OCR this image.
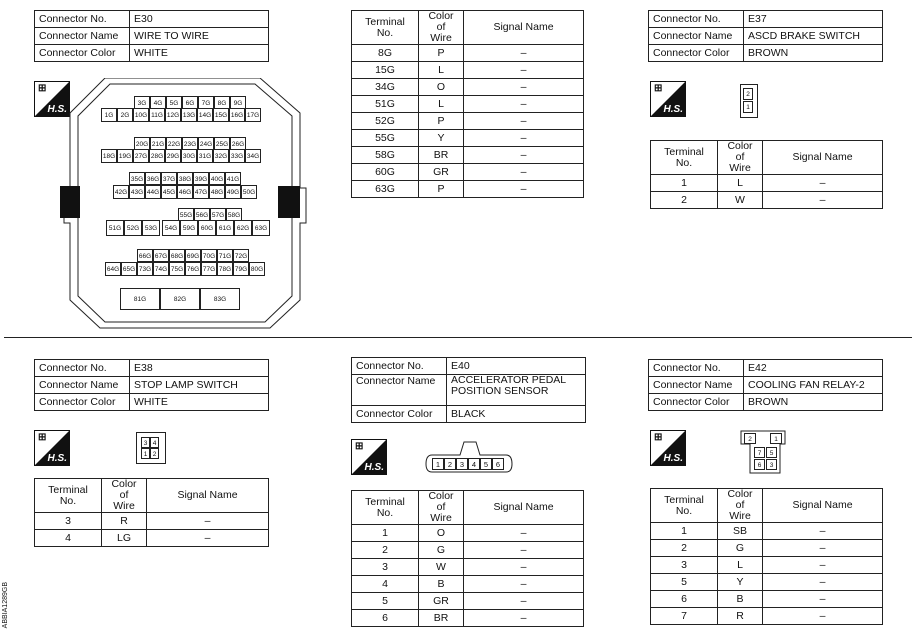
Connector No.	E30
Connector Name	WIRE TO WIRE
Connector Color	WHITE
⊞
H.S.
3G	4G	5G	6G	7G	8G	9G
1G	2G 10G 11G 12G 13G 14G 15G 16G 17G
20G 21G 22G 23G 24G 25G 26G
18G 19G 27G 28G 29G 30G 31G 32G 33G 34G
35G 36G 37G 38G 39G 40G 41G
42G 43G 44G 45G 46G 47G 48G 49G 50G
55G 56G 57G 58G
51G 52G 53G	54G 59G 60G 61G 62G 63G
66G 67G 68G 69G 70G 71G 72G
64G 65G 73G 74G 75G 76G 77G 78G 79G 80G
81G	82G	83G
Terminal No.	Color of
Wire	Signal Name
8G	P	–
15G	L	–
34G	O	–
51G	L	–
52G	P	–
55G	Y	–
58G	BR	–
60G	GR	–
63G	P	–
Connector No.	E37
Connector Name	ASCD BRAKE SWITCH
Connector Color	BROWN
⊞
H.S.
2
1
Terminal No.	Color of
Wire	Signal Name
1	L	–
2	W	–
Connector No.	E38
Connector Name	STOP LAMP SWITCH
Connector Color	WHITE
⊞
H.S.
3 4
1 2
Terminal No.	Color of
Wire	Signal Name
3	R	–
4	LG	–
Connector No.	E40
Connector Name	ACCELERATOR PEDAL POSITION SENSOR
Connector Color	BLACK
⊞
H.S.	1	2	3	4	5	6
Terminal No.	Color of
Wire	Signal Name
1	O	–
2	G	–
3	W	–
4	B	–
5	GR	–
6	BR	–
Connector No.	E42
Connector Name	COOLING FAN RELAY-2
Connector Color	BROWN
⊞
H.S.
2	1
7	5
6	3
Terminal No.	Color of
Wire	Signal Name
1	SB	–
2	G	–
3	L	–
5	Y	–
6	B	–
7	R	–
ABBIA1289GB
